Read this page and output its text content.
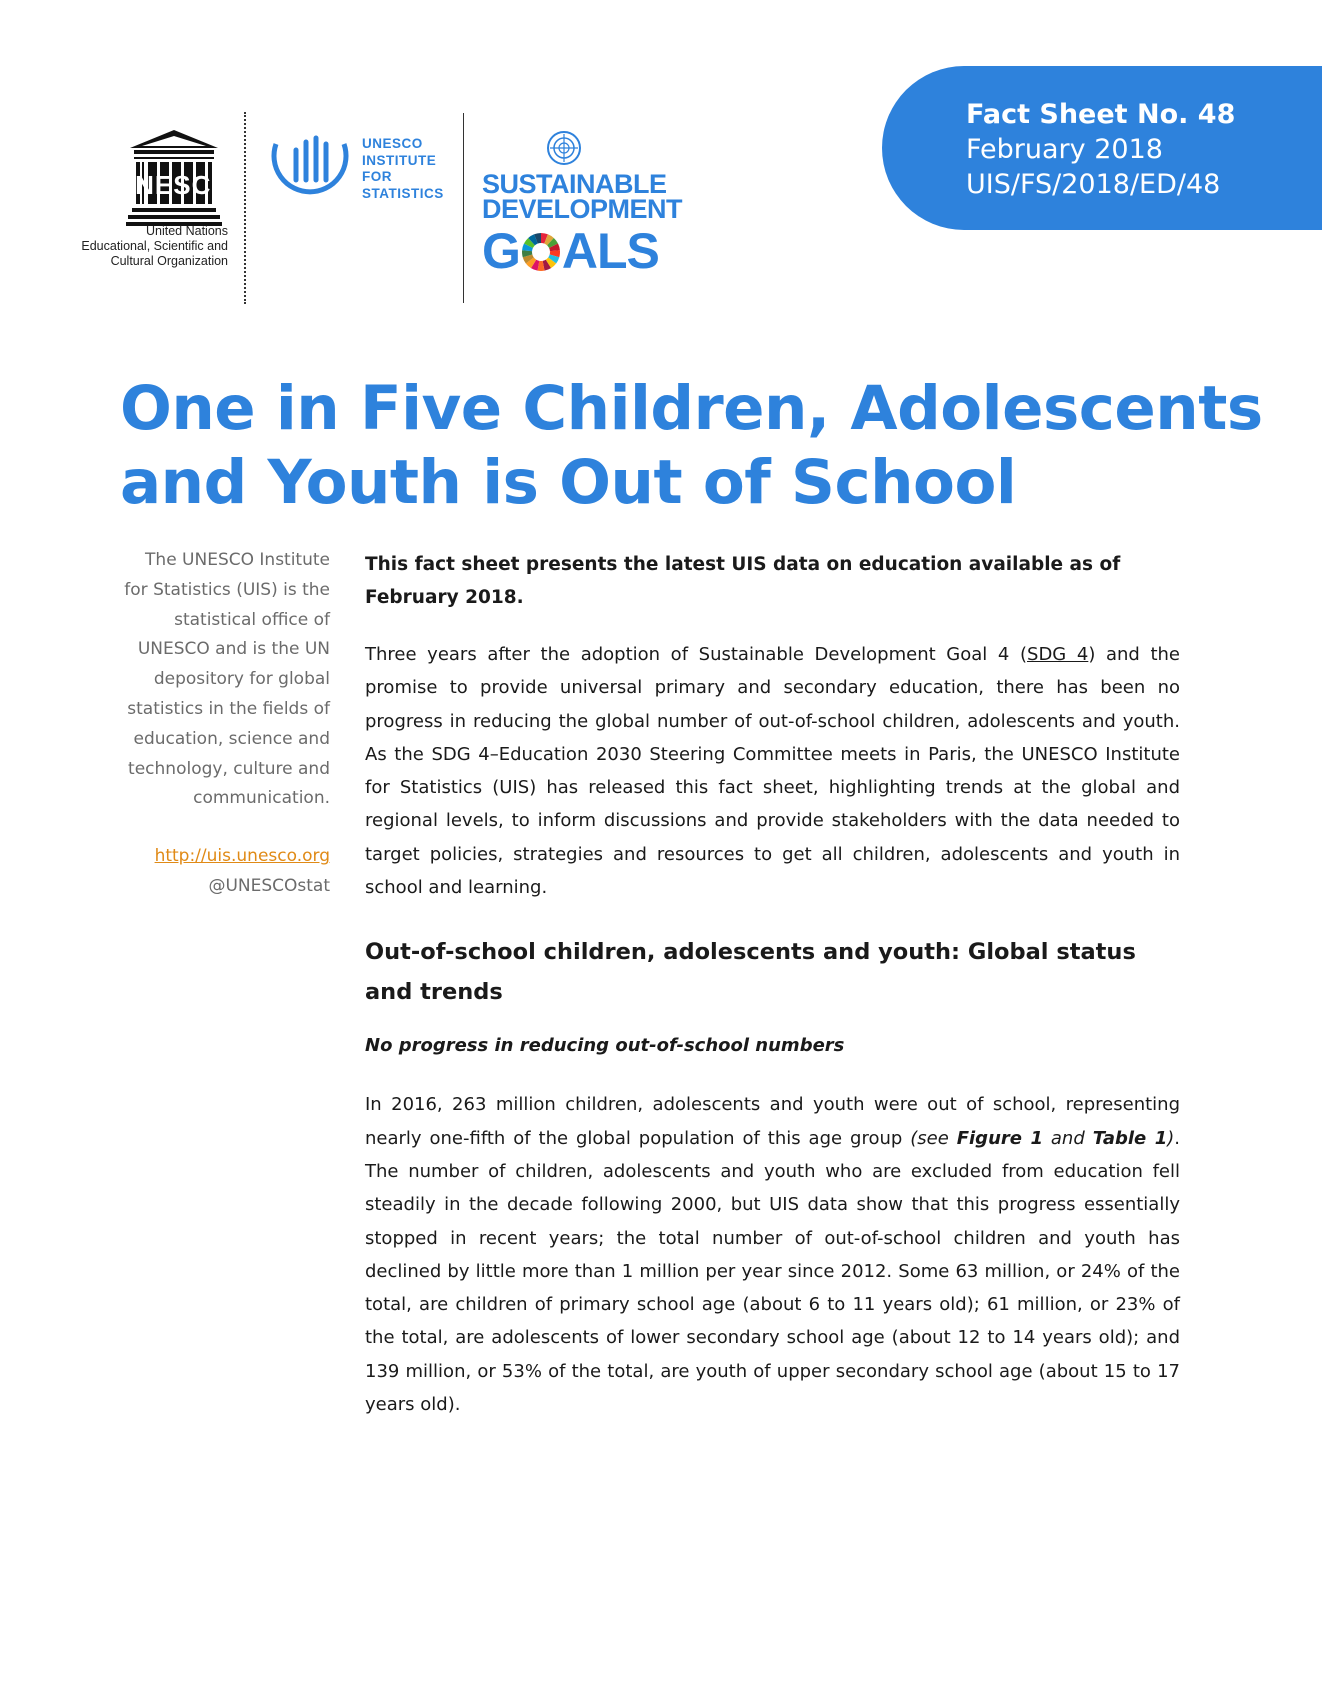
Fact Sheet No. 48
February 2018
UIS/FS/2018/ED/48
UNESCO
United Nations
Educational, Scientific and
Cultural Organization
UNESCO
INSTITUTE
FOR
STATISTICS SUSTAINABLE
DEVELOPMENT
G ALS
One in Five Children, Adolescents
and Youth is Out of School
The UNESCO Institute
for Statistics (UIS) is the
statistical office of
UNESCO and is the UN
depository for global
statistics in the fields of
education, science and
technology, culture and
communication.
http://uis.unesco.org
@UNESCOstat

This fact sheet presents the latest UIS data on education available as of February 2018.

Three years after the adoption of Sustainable Development Goal 4 (SDG 4) and the promise to provide universal primary and secondary education, there has been no progress in reducing the global number of out-of-school children, adolescents and youth. As the SDG 4–Education 2030 Steering Committee meets in Paris, the UNESCO Institute for Statistics (UIS) has released this fact sheet, highlighting trends at the global and regional levels, to inform discussions and provide stakeholders with the data needed to target policies, strategies and resources to get all children, adolescents and youth in school and learning.

Out-of-school children, adolescents and youth: Global status and trends
No progress in reducing out-of-school numbers

In 2016, 263 million children, adolescents and youth were out of school, representing nearly one-fifth of the global population of this age group (see Figure 1 and Table 1). The number of children, adolescents and youth who are excluded from education fell steadily in the decade following 2000, but UIS data show that this progress essentially stopped in recent years; the total number of out-of-school children and youth has declined by little more than 1 million per year since 2012. Some 63 million, or 24% of the total, are children of primary school age (about 6 to 11 years old); 61 million, or 23% of the total, are adolescents of lower secondary school age (about 12 to 14 years old); and 139 million, or 53% of the total, are youth of upper secondary school age (about 15 to 17 years old).
